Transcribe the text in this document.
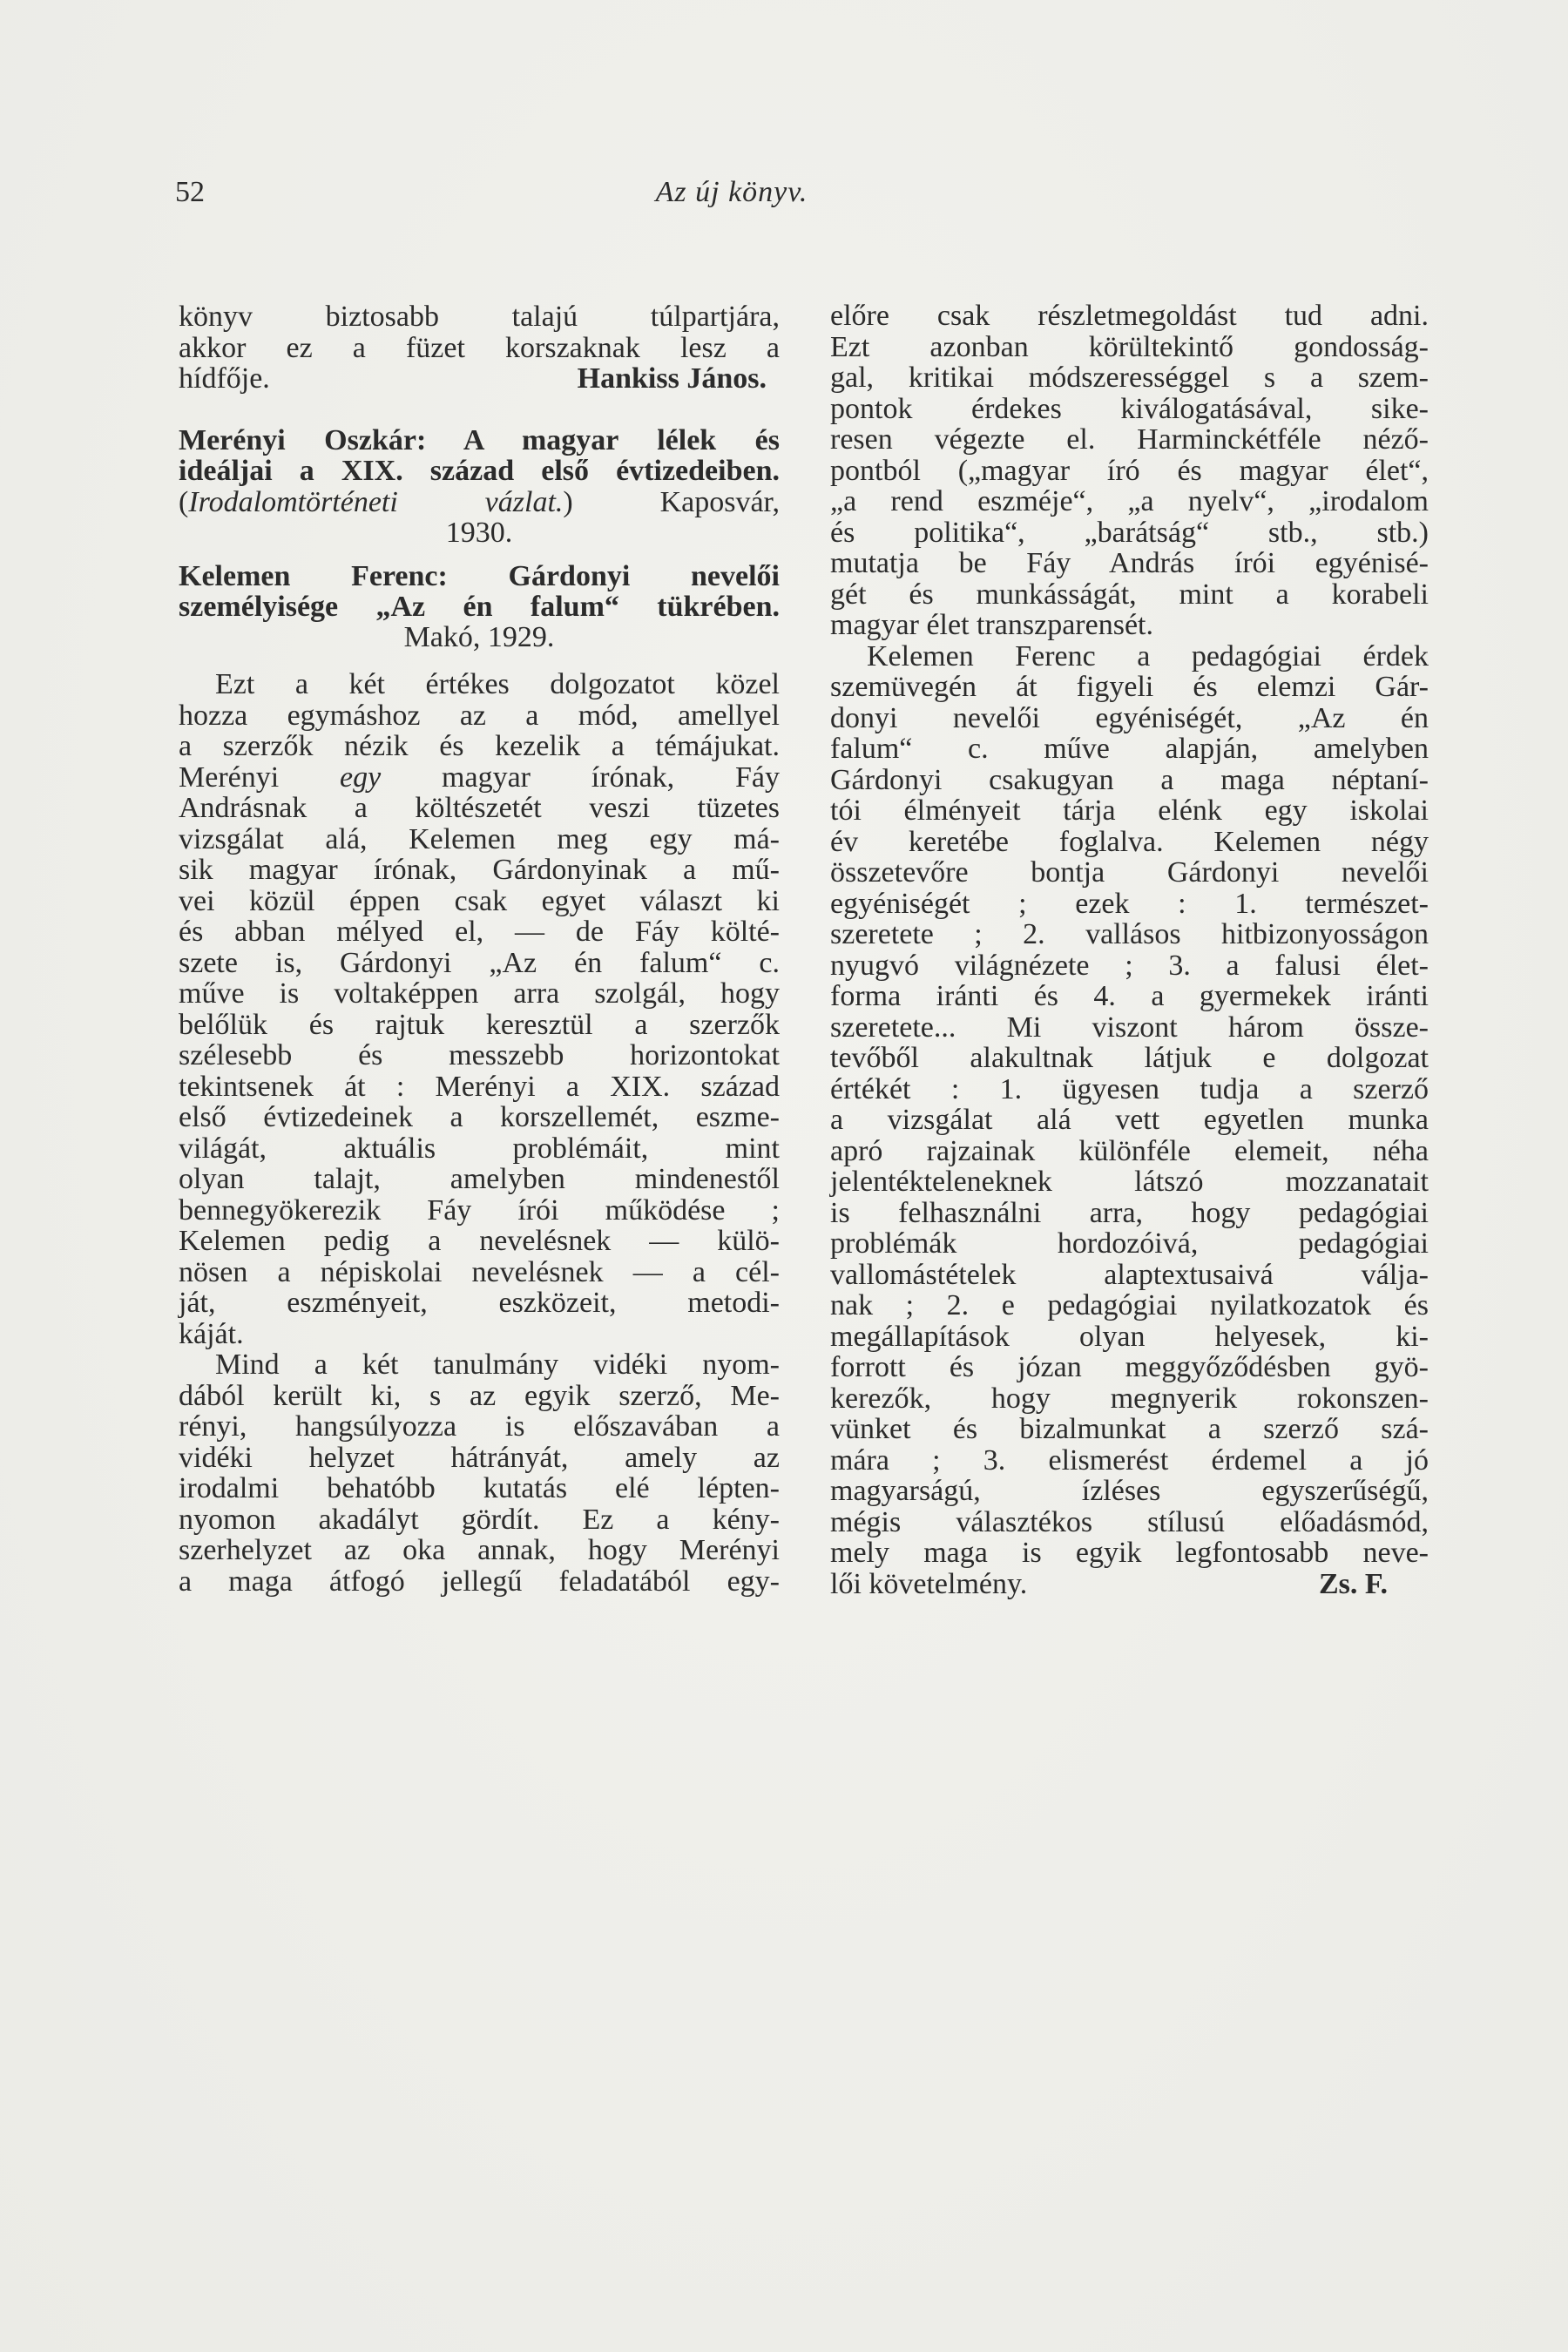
52	Az új könyv.
Hankiss János.
Zs. F.
könyv biztosabb talajú túlpartjára,
akkor ez a füzet korszaknak lesz a
hídfője.
Merényi Oszkár: A magyar lélek és
ideáljai a XIX. század első évtizedeiben.
(Irodalomtörténeti vázlat.) Kaposvár,
1930.
Kelemen Ferenc: Gárdonyi nevelői
személyisége „Az én falum“ tükrében.
Makó, 1929.
Ezt a két értékes dolgozatot közel
hozza egymáshoz az a mód, amellyel
a szerzők nézik és kezelik a témájukat.
Merényi egy magyar írónak, Fáy
Andrásnak a költészetét veszi tüzetes
vizsgálat alá, Kelemen meg egy má-
sik magyar írónak, Gárdonyinak a mű-
vei közül éppen csak egyet választ ki
és abban mélyed el, — de Fáy költé-
szete is, Gárdonyi „Az én falum“ c.
műve is voltaképpen arra szolgál, hogy
belőlük és rajtuk keresztül a szerzők
szélesebb és messzebb horizontokat
tekintsenek át : Merényi a XIX. század
első évtizedeinek a korszellemét, eszme-
világát, aktuális problémáit, mint
olyan talajt, amelyben mindenestől
bennegyökerezik Fáy írói működése ;
Kelemen pedig a nevelésnek — külö-
nösen a népiskolai nevelésnek — a cél-
ját, eszményeit, eszközeit, metodi-
káját.
Mind a két tanulmány vidéki nyom-
dából került ki, s az egyik szerző, Me-
rényi, hangsúlyozza is előszavában a
vidéki helyzet hátrányát, amely az
irodalmi behatóbb kutatás elé lépten-
nyomon akadályt gördít. Ez a kény-
szerhelyzet az oka annak, hogy Merényi
a maga átfogó jellegű feladatából egy-
előre csak részletmegoldást tud adni.
Ezt azonban körültekintő gondosság-
gal, kritikai módszerességgel s a szem-
pontok érdekes kiválogatásával, sike-
resen végezte el. Harminckétféle néző-
pontból („magyar író és magyar élet“,
„a rend eszméje“, „a nyelv“, „irodalom
és politika“, „barátság“ stb., stb.)
mutatja be Fáy András írói egyénisé-
gét és munkásságát, mint a korabeli
magyar élet transzparensét.
Kelemen Ferenc a pedagógiai érdek
szemüvegén át figyeli és elemzi Gár-
donyi nevelői egyéniségét, „Az én
falum“ c. műve alapján, amelyben
Gárdonyi csakugyan a maga néptaní-
tói élményeit tárja elénk egy iskolai
év keretébe foglalva. Kelemen négy
összetevőre bontja Gárdonyi nevelői
egyéniségét ; ezek : 1. természet-
szeretete ; 2. vallásos hitbizonyosságon
nyugvó világnézete ; 3. a falusi élet-
forma iránti és 4. a gyermekek iránti
szeretete... Mi viszont három össze-
tevőből alakultnak látjuk e dolgozat
értékét : 1. ügyesen tudja a szerző
a vizsgálat alá vett egyetlen munka
apró rajzainak különféle elemeit, néha
jelentékteleneknek látszó mozzanatait
is felhasználni arra, hogy pedagógiai
problémák hordozóivá, pedagógiai
vallomástételek alaptextusaivá válja-
nak ; 2. e pedagógiai nyilatkozatok és
megállapítások olyan helyesek, ki-
forrott és józan meggyőződésben gyö-
kerezők, hogy megnyerik rokonszen-
vünket és bizalmunkat a szerző szá-
mára ; 3. elismerést érdemel a jó
magyarságú, ízléses egyszerűségű,
mégis választékos stílusú előadásmód,
mely maga is egyik legfontosabb neve-
lői követelmény.
